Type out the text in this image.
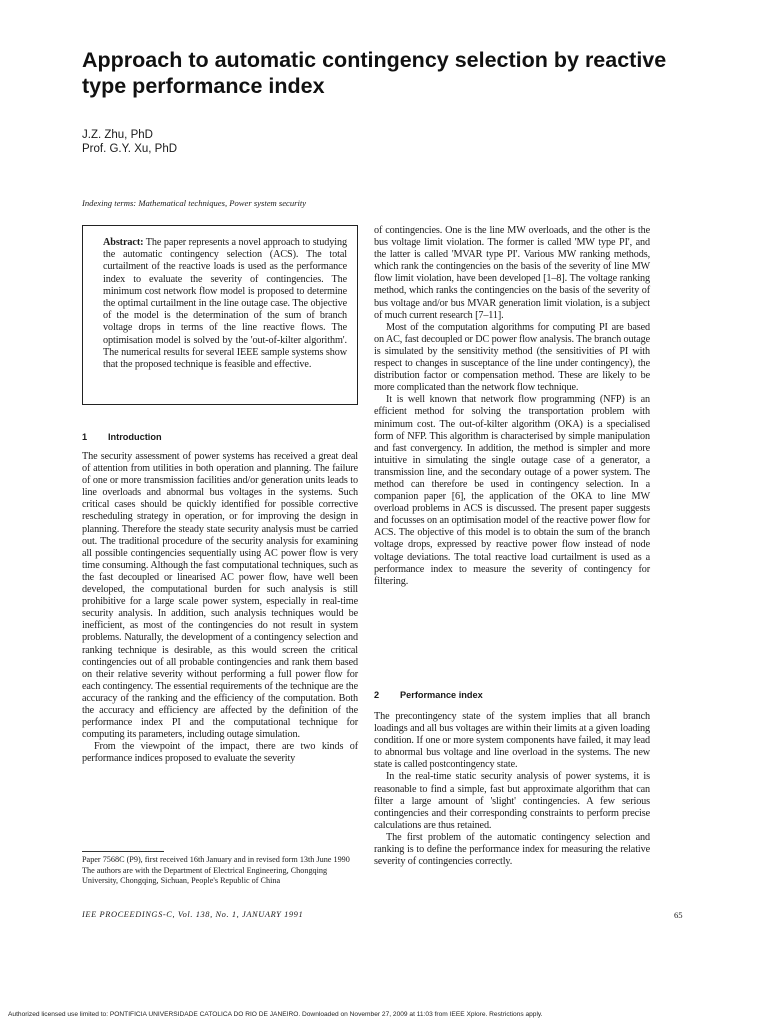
Approach to automatic contingency selection by reactive type performance index
J.Z. Zhu, PhD
Prof. G.Y. Xu, PhD
Indexing terms: Mathematical techniques, Power system security

Abstract: The paper represents a novel approach to studying the automatic contingency selection (ACS). The total curtailment of the reactive loads is used as the performance index to evaluate the severity of contingencies. The minimum cost network flow model is proposed to determine the optimal curtailment in the line outage case. The objective of the model is the determination of the sum of branch voltage drops in terms of the line reactive flows. The optimisation model is solved by the 'out-of-kilter algorithm'. The numerical results for several IEEE sample systems show that the proposed technique is feasible and effective.

1 Introduction

The security assessment of power systems has received a great deal of attention from utilities in both operation and planning. The failure of one or more transmission facilities and/or generation units leads to line overloads and abnormal bus voltages in the systems. Such critical cases should be quickly identified for possible corrective rescheduling strategy in operation, or for improving the design in planning. Therefore the steady state security analysis must be carried out. The traditional procedure of the security analysis for examining all possible contingencies sequentially using AC power flow is very time consuming. Although the fast computational techniques, such as the fast decoupled or linearised AC power flow, have well been developed, the computational burden for such analysis is still prohibitive for a large scale power system, especially in real-time security analysis. In addition, such analysis techniques would be inefficient, as most of the contingencies do not result in system problems. Naturally, the development of a contingency selection and ranking technique is desirable, as this would screen the critical contingencies out of all probable contingencies and rank them based on their relative severity without performing a full power flow for each contingency. The essential requirements of the technique are the accuracy of the ranking and the efficiency of the computation. Both the accuracy and efficiency are affected by the definition of the performance index PI and the computational technique for computing its parameters, including outage simulation.

From the viewpoint of the impact, there are two kinds of performance indices proposed to evaluate the severity

Paper 7568C (P9), first received 16th January and in revised form 13th June 1990

The authors are with the Department of Electrical Engineering, Chongqing University, Chongqing, Sichuan, People's Republic of China

of contingencies. One is the line MW overloads, and the other is the bus voltage limit violation. The former is called 'MW type PI', and the latter is called 'MVAR type PI'. Various MW ranking methods, which rank the contingencies on the basis of the severity of line MW flow limit violation, have been developed [1–8]. The voltage ranking method, which ranks the contingencies on the basis of the severity of bus voltage and/or bus MVAR generation limit violation, is a subject of much current research [7–11].

Most of the computation algorithms for computing PI are based on AC, fast decoupled or DC power flow analysis. The branch outage is simulated by the sensitivity method (the sensitivities of PI with respect to changes in susceptance of the line under contingency), the distribution factor or compensation method. These are likely to be more complicated than the network flow technique.

It is well known that network flow programming (NFP) is an efficient method for solving the transportation problem with minimum cost. The out-of-kilter algorithm (OKA) is a specialised form of NFP. This algorithm is characterised by simple manipulation and fast convergency. In addition, the method is simpler and more intuitive in simulating the single outage case of a generator, a transmission line, and the secondary outage of a power system. The method can therefore be used in contingency selection. In a companion paper [6], the application of the OKA to line MW overload problems in ACS is discussed. The present paper suggests and focusses on an optimisation model of the reactive power flow for ACS. The objective of this model is to obtain the sum of the branch voltage drops, expressed by reactive power flow instead of node voltage deviations. The total reactive load curtailment is used as a performance index to measure the severity of contingency for filtering.

2 Performance index

The precontingency state of the system implies that all branch loadings and all bus voltages are within their limits at a given loading condition. If one or more system components have failed, it may lead to abnormal bus voltage and line overload in the systems. The new state is called postcontingency state.

In the real-time static security analysis of power systems, it is reasonable to find a simple, fast but approximate algorithm that can filter a large amount of 'slight' contingencies. A few serious contingencies and their corresponding constraints to perform precise calculations are thus retained.

The first problem of the automatic contingency selection and ranking is to define the performance index for measuring the relative severity of contingencies correctly.

IEE PROCEEDINGS-C, Vol. 138, No. 1, JANUARY 1991	65
Authorized licensed use limited to: PONTIFICIA UNIVERSIDADE CATOLICA DO RIO DE JANEIRO. Downloaded on November 27, 2009 at 11:03 from IEEE Xplore. Restrictions apply.
